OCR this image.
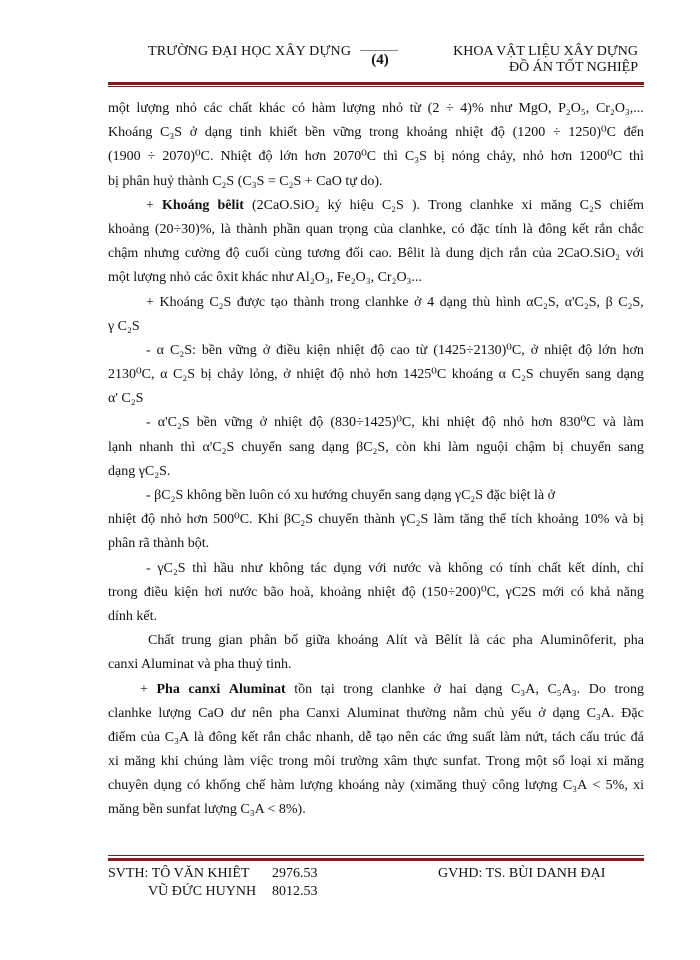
TRƯỜNG ĐẠI HỌC XÂY DỰNG
(4)
KHOA VẬT LIỆU XÂY DỰNG
ĐỒ ÁN TỐT NGHIỆP
một lượng nhỏ các chất khác có hàm lượng nhỏ từ (2 ÷ 4)% như MgO, P₂O₅, Cr₂O₃,...
Khoáng C₃S ở dạng tinh khiết bền vững trong khoảng nhiệt độ (1200 ÷ 1250)⁰C đến
(1900 ÷ 2070)⁰C. Nhiệt độ lớn hơn 2070⁰C thì C₃S bị nóng chảy, nhỏ hơn 1200⁰C thì
bị phân huỷ thành C₂S (C₃S = C₂S + CaO tự do).
+ Khoáng bêlit (2CaO.SiO₂ ký hiệu C₂S ). Trong clanhke xi măng C₂S chiếm
khoảng (20÷30)%, là thành phần quan trọng của clanhke, có đặc tính là đông kết rắn chắc
chậm nhưng cường độ cuối cùng tương đối cao. Bêlit là dung dịch rắn của 2CaO.SiO₂ với
một lượng nhỏ các ôxit khác như Al₂O₃, Fe₂O₃, Cr₂O₃...
+ Khoáng C₂S được tạo thành trong clanhke ở 4 dạng thù hình αC₂S, α'C₂S, β C₂S,
γ C₂S
- α C₂S: bền vững ở điều kiện nhiệt độ cao từ (1425÷2130)⁰C, ở nhiệt độ lớn hơn
2130⁰C, α C₂S bị chảy lỏng, ở nhiệt độ nhỏ hơn 1425⁰C khoáng α C₂S chuyển sang dạng
α' C₂S
- α'C₂S bền vững ở nhiệt độ (830÷1425)⁰C, khi nhiệt độ nhỏ hơn 830⁰C và làm
lạnh nhanh thì α'C₂S chuyển sang dạng βC₂S, còn khi làm nguội chậm bị chuyển sang
dạng γC₂S.
- βC₂S không bền luôn có xu hướng chuyển sang dạng γC₂S đặc biệt là ở
nhiệt độ nhỏ hơn 500⁰C. Khi βC₂S chuyển thành γC₂S làm tăng thể tích khoảng 10% và bị
phân rã thành bột.
- γC₂S thì hầu như không tác dụng với nước và không có tính chất kết dính, chỉ
trong điều kiện hơi nước bão hoà, khoảng nhiệt độ (150÷200)⁰C, γC2S mới có khả năng
dính kết.
Chất trung gian phân bố giữa khoáng Alít và Bêlít là các pha Aluminôferit, pha
canxi Aluminat và pha thuỷ tinh.
+ Pha canxi Aluminat tồn tại trong clanhke ở hai dạng C₃A, C₅A₃. Do trong
clanhke lượng CaO dư nên pha Canxi Aluminat thường nằm chủ yếu ở dạng C₃A. Đặc
điểm của C₃A là đông kết rắn chắc nhanh, dễ tạo nên các ứng suất làm nứt, tách cấu trúc đá
xi măng khi chúng làm việc trong môi trường xâm thực sunfat. Trong một số loại xi măng
chuyên dụng có khống chế hàm lượng khoáng này (ximăng thuỷ công lượng C₃A < 5%, xi
măng bền sunfat lượng C₃A < 8%).
SVTH: TÔ VĂN KHIÊT 2976.53
VŨ ĐỨC HUYNH 8012.53
GVHD: TS. BÙI DANH ĐẠI
